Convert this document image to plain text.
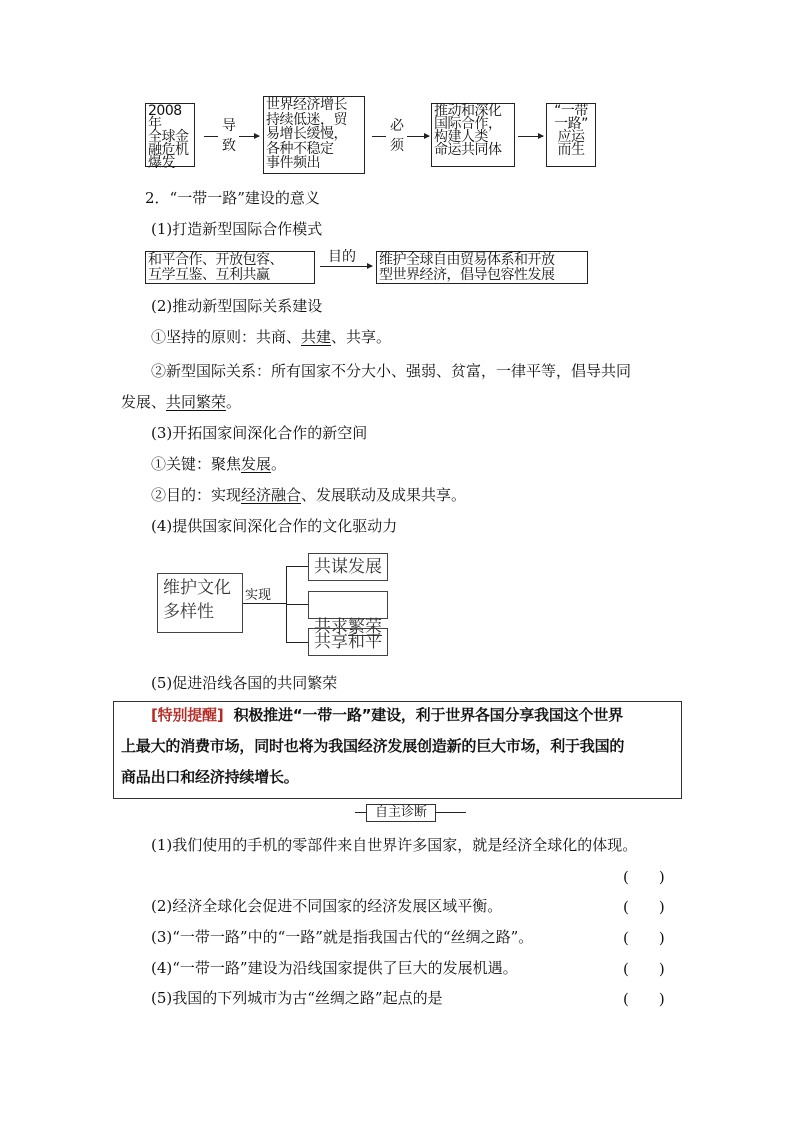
2008年
全球金
融危机
爆发
导
致
世界经济增长
持续低迷，贸
易增长缓慢，
各种不稳定
事件频出
必
须
推动和深化
国际合作，
构建人类
命运共同体
“一带
一路”
应运
而生
2．“一带一路”建设的意义
(1)打造新型国际合作模式
和平合作、开放包容、
互学互鉴、互利共赢
目的 维护全球自由贸易体系和开放
型世界经济，倡导包容性发展
(2)推动新型国际关系建设
①坚持的原则：共商、共建、共享。
②新型国际关系：所有国家不分大小、强弱、贫富，一律平等，倡导共同
发展、共同繁荣。
(3)开拓国家间深化合作的新空间
①关键：聚焦发展。
②目的：实现经济融合、发展联动及成果共享。
(4)提供国家间深化合作的文化驱动力
维护文化
多样性
实现
共谋发展

共求繁荣

共享和平
(5)促进沿线各国的共同繁荣
[特别提醒] 积极推进“一带一路”建设，利于世界各国分享我国这个世界
上最大的消费市场，同时也将为我国经济发展创造新的巨大市场，利于我国的
商品出口和经济持续增长。
自主诊断
(1)我们使用的手机的零部件来自世界许多国家，就是经济全球化的体现。
(　　)
(2)经济全球化会促进不同国家的经济发展区域平衡。	(　　)
(3)“一带一路”中的“一路”就是指我国古代的“丝绸之路”。	(　　)
(4)“一带一路”建设为沿线国家提供了巨大的发展机遇。	(　　)
(5)我国的下列城市为古“丝绸之路”起点的是	(　　)
